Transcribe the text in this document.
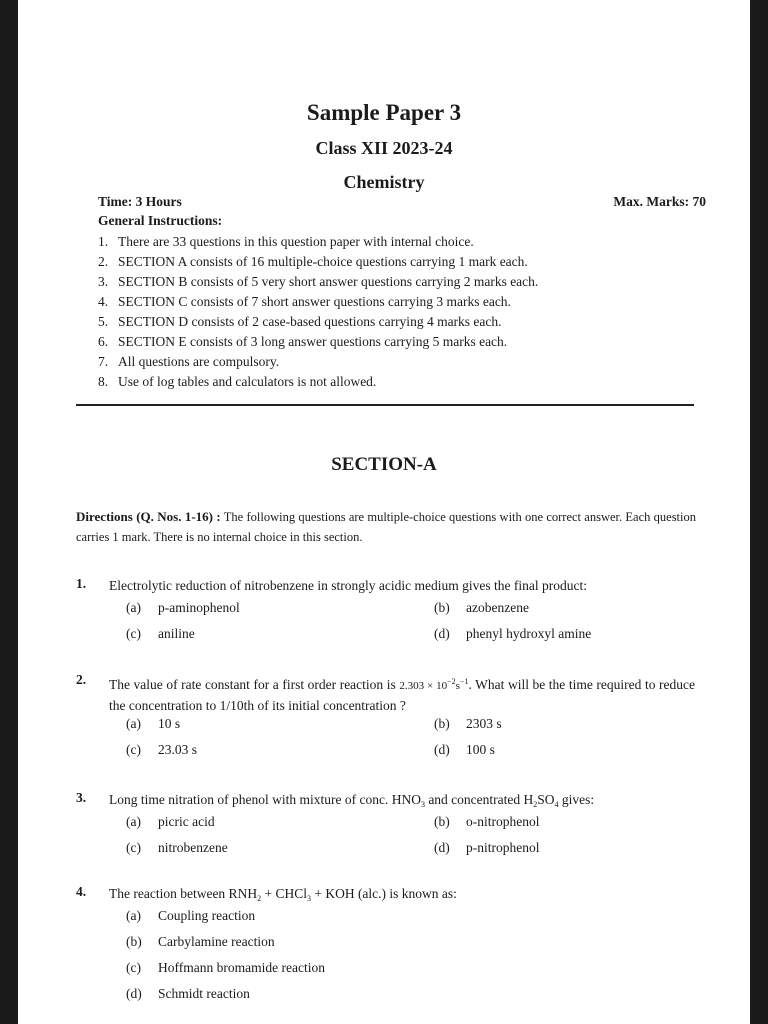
Sample Paper 3
Class XII 2023-24
Chemistry
Time: 3 Hours	Max. Marks: 70
General Instructions:
1. There are 33 questions in this question paper with internal choice.
2. SECTION A consists of 16 multiple-choice questions carrying 1 mark each.
3. SECTION B consists of 5 very short answer questions carrying 2 marks each.
4. SECTION C consists of 7 short answer questions carrying 3 marks each.
5. SECTION D consists of 2 case-based questions carrying 4 marks each.
6. SECTION E consists of 3 long answer questions carrying 5 marks each.
7. All questions are compulsory.
8. Use of log tables and calculators is not allowed.
SECTION-A
Directions (Q. Nos. 1-16) : The following questions are multiple-choice questions with one correct answer. Each question carries 1 mark. There is no internal choice in this section.
1. Electrolytic reduction of nitrobenzene in strongly acidic medium gives the final product:
(a) p-aminophenol	(b) azobenzene
(c) aniline	(d) phenyl hydroxyl amine
2. The value of rate constant for a first order reaction is $2.303 \times 10^{-2}s^{-1}$. What will be the time required to reduce the concentration to 1/10th of its initial concentration ?
(a) 10 s	(b) 2303 s
(c) 23.03 s	(d) 100 s
3. Long time nitration of phenol with mixture of conc. $HNO_3$ and concentrated $H_2SO_4$ gives:
(a) picric acid	(b) o-nitrophenol
(c) nitrobenzene	(d) p-nitrophenol
4. The reaction between $RNH_2$ + CHCl$_3$ + KOH (alc.) is known as:
(a) Coupling reaction
(b) Carbylamine reaction
(c) Hoffmann bromamide reaction
(d) Schmidt reaction
